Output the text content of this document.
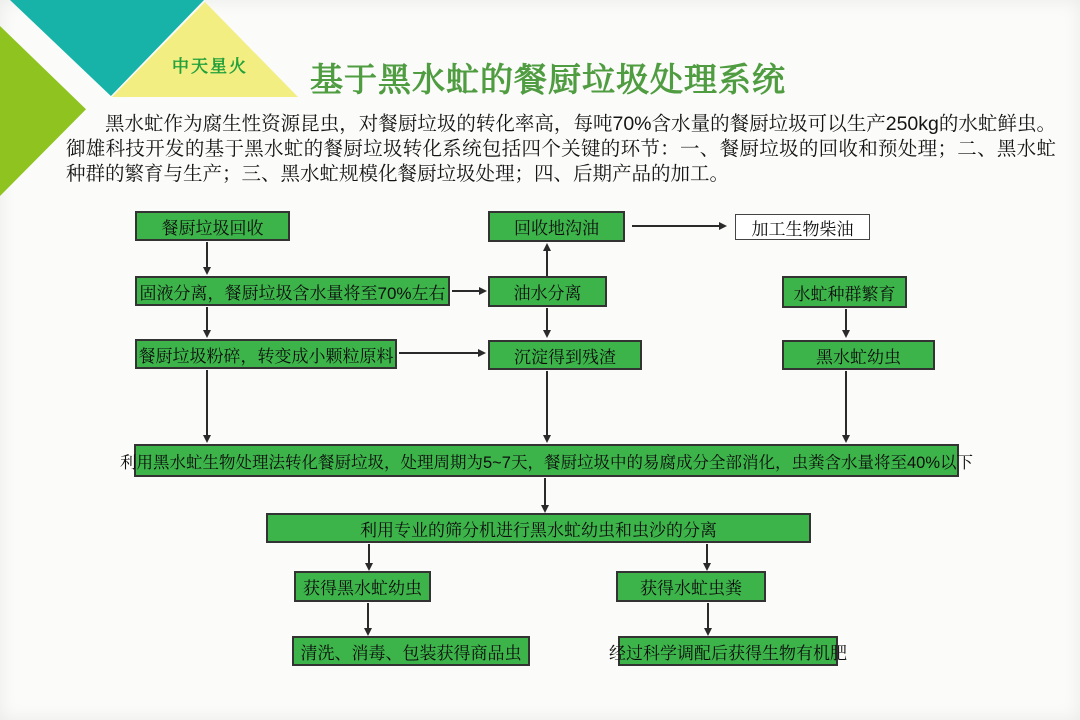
中天星火	基于黑水虻的餐厨垃圾处理系统
黑水虻作为腐生性资源昆虫，对餐厨垃圾的转化率高，每吨70%含水量的餐厨垃圾可以生产250kg的水虻鲜虫。御雄科技开发的基于黑水虻的餐厨垃圾转化系统包括四个关键的环节：一、餐厨垃圾的回收和预处理；二、黑水虻种群的繁育与生产；三、黑水虻规模化餐厨垃圾处理；四、后期产品的加工。
餐厨垃圾回收	回收地沟油	加工生物柴油
固液分离，餐厨垃圾含水量将至70%左右	油水分离	水虻种群繁育
餐厨垃圾粉碎，转变成小颗粒原料	沉淀得到残渣	黑水虻幼虫
利用黑水虻生物处理法转化餐厨垃圾，处理周期为5~7天，餐厨垃圾中的易腐成分全部消化，虫粪含水量将至40%以下
利用专业的筛分机进行黑水虻幼虫和虫沙的分离
获得黑水虻幼虫	获得水虻虫粪
清洗、消毒、包装获得商品虫	经过科学调配后获得生物有机肥
